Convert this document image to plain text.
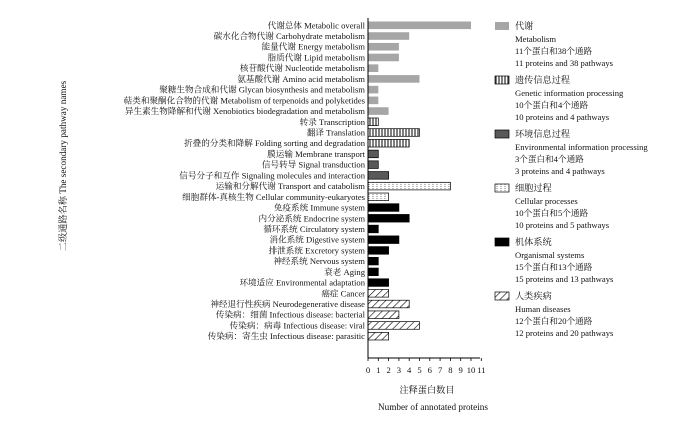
二级通路名称 The secondary pathway names
代谢总体 Metabolic overall
碳水化合物代谢 Carbohydrate metabolism
能量代谢 Energy metabolism
脂质代谢 Lipid metabolism
核苷酸代谢 Nucleotide metabolism
氨基酸代谢 Amino acid metabolism
聚糖生物合成和代谢 Glycan biosynthesis and metabolism
萜类和聚酮化合物的代谢 Metabolism of terpenoids and polyketides
异生素生物降解和代谢 Xenobiotics biodegradation and metabolism
转录 Transcription
翻译 Translation
折叠的分类和降解 Folding sorting and degradation
膜运输 Membrane transport
信号转导 Signal transduction
信号分子和互作 Signaling molecules and interaction
运输和分解代谢 Transport and catabolism
细胞群体-真核生物 Cellular community-eukaryotes
免疫系统 Immune system
内分泌系统 Endocrine system
循环系统 Circulatory system
消化系统 Digestive system
排泄系统 Excretory system
神经系统 Nervous system
衰老 Aging
环境适应 Environmental adaptation
癌症 Cancer
神经退行性疾病 Neurodegenerative disease
传染病：细菌 Infectious disease: bacterial
传染病：病毒 Infectious disease: viral
传染病：寄生虫 Infectious disease: parasitic
0 1 2 3 4 5 6 7 8 9 10 11
注释蛋白数目
Number of annotated proteins
代谢
Metabolism
11个蛋白和38个通路
11 proteins and 38 pathways
遗传信息过程
Genetic information processing
10个蛋白和4个通路
10 proteins and 4 pathways
环境信息过程
Environmental information processing
3个蛋白和4个通路
3 proteins and 4 pathways
细胞过程
Cellular processes
10个蛋白和5个通路
10 proteins and 5 pathways
机体系统
Organismal systems
15个蛋白和13个通路
15 proteins and 13 pathways
人类疾病
Human diseases
12个蛋白和20个通路
12 proteins and 20 pathways
